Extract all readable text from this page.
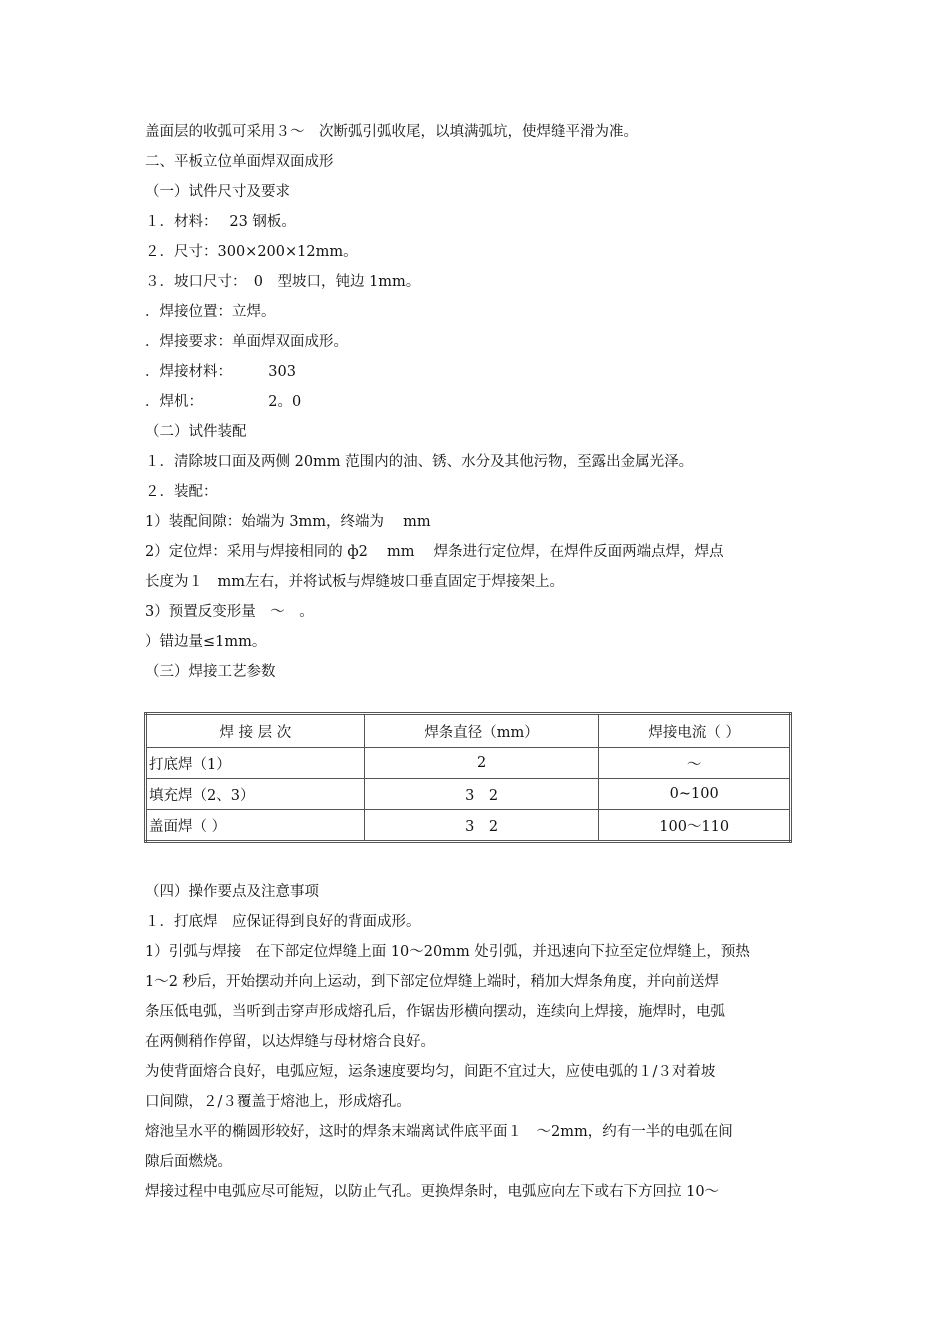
盖面层的收弧可采用３～　次断弧引弧收尾，以填满弧坑，使焊缝平滑为准。
二、平板立位单面焊双面成形
（一）试件尺寸及要求
１．材料：　 23 钢板。
２．尺寸：300×200×12mm。
３．坡口尺寸：　0　型坡口，钝边 1mm。
．焊接位置：立焊。
．焊接要求：单面焊双面成形。
．焊接材料：　　　303
．焊机：　　　　　2。0
（二）试件装配
１．清除坡口面及两侧 20mm 范围内的油、锈、水分及其他污物，至露出金属光泽。
２．装配：
1）装配间隙：始端为 3mm，终端为　 mm
2）定位焊：采用与焊接相同的 ф2　 mm　 焊条进行定位焊，在焊件反面两端点焊，焊点
长度为１　mm左右，并将试板与焊缝坡口垂直固定于焊接架上。
3）预置反变形量　～　。
）错边量≤1mm。
（三）焊接工艺参数
焊 接 层 次	焊条直径（mm）	焊接电流（ ）
打底焊（1）	2	～
填充焊（2、3）	3　2	0~100
盖面焊（ ）	3　2	100～110
（四）操作要点及注意事项
１．打底焊　应保证得到良好的背面成形。
1）引弧与焊接　在下部定位焊缝上面 10～20mm 处引弧，并迅速向下拉至定位焊缝上，预热
1～2 秒后，开始摆动并向上运动，到下部定位焊缝上端时，稍加大焊条角度，并向前送焊
条压低电弧，当听到击穿声形成熔孔后，作锯齿形横向摆动，连续向上焊接，施焊时，电弧
在两侧稍作停留，以达焊缝与母材熔合良好。
为使背面熔合良好，电弧应短，运条速度要均匀，间距不宜过大，应使电弧的１/３对着坡
口间隙，２/３覆盖于熔池上，形成熔孔。
熔池呈水平的椭圆形较好，这时的焊条末端离试件底平面１　～2mm，约有一半的电弧在间
隙后面燃烧。
焊接过程中电弧应尽可能短，以防止气孔。更换焊条时，电弧应向左下或右下方回拉 10～
